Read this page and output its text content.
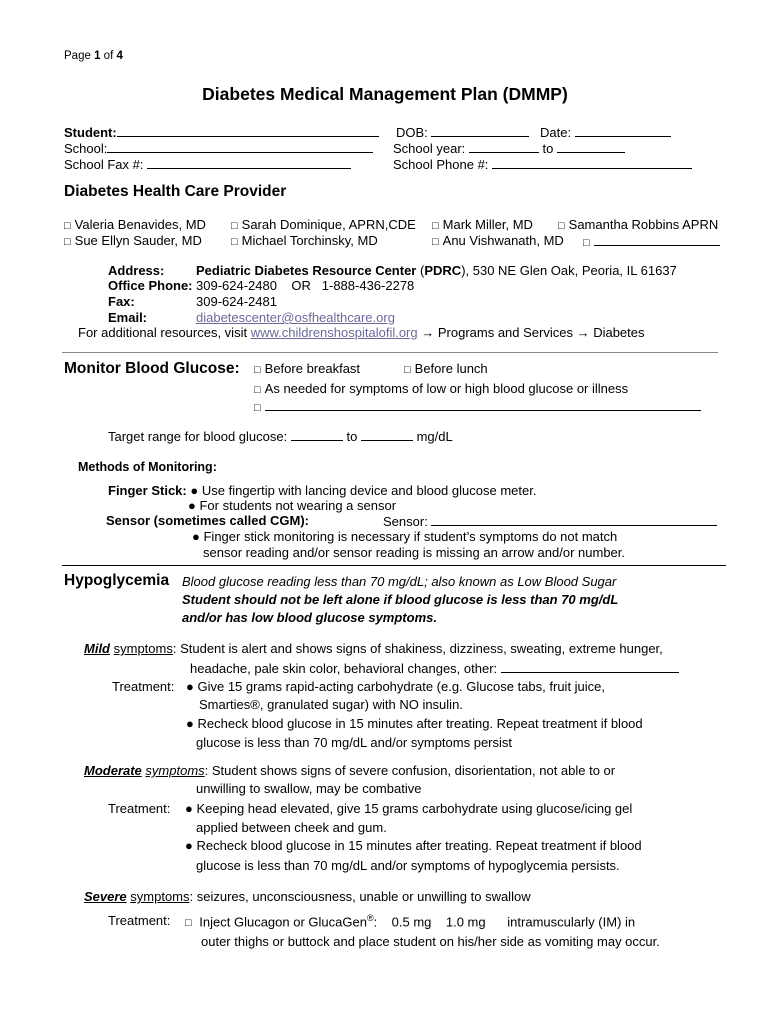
Page 1 of 4
Diabetes Medical Management Plan (DMMP)
Student:	DOB:	Date:
School:	School year:	to
School Fax #:	School Phone #:
Diabetes Health Care Provider
□ Valeria Benavides, MD □ Sarah Dominique, APRN,CDE □ Mark Miller, MD □ Samantha Robbins APRN
□ Sue Ellyn Sauder, MD	□ Michael Torchinsky, MD	□ Anu Vishwanath, MD □
Address: Pediatric Diabetes Resource Center (PDRC), 530 NE Glen Oak, Peoria, IL 61637
Office Phone: 309-624-2480 OR 1-888-436-2278
Fax:	309-624-2481
Email:	diabetescenter@osfhealthcare.org
For additional resources, visit www.childrenshospitalofil.org → Programs and Services → Diabetes
Monitor Blood Glucose: □ Before breakfast	□ Before lunch
□ As needed for symptoms of low or high blood glucose or illness
□
Target range for blood glucose:	to	mg/dL
Methods of Monitoring:
Finger Stick: ● Use fingertip with lancing device and blood glucose meter.
● For students not wearing a sensor
Sensor (sometimes called CGM):	Sensor:
● Finger stick monitoring is necessary if student’s symptoms do not match
sensor reading and/or sensor reading is missing an arrow and/or number.
Hypoglycemia Blood glucose reading less than 70 mg/dL; also known as Low Blood Sugar
Student should not be left alone if blood glucose is less than 70 mg/dL
and/or has low blood glucose symptoms.
Mild symptoms: Student is alert and shows signs of shakiness, dizziness, sweating, extreme hunger,
headache, pale skin color, behavioral changes, other:
Treatment: ● Give 15 grams rapid-acting carbohydrate (e.g. Glucose tabs, fruit juice,
Smarties®, granulated sugar) with NO insulin.
● Recheck blood glucose in 15 minutes after treating. Repeat treatment if blood
glucose is less than 70 mg/dL and/or symptoms persist
Moderate symptoms: Student shows signs of severe confusion, disorientation, not able to or
unwilling to swallow, may be combative
Treatment: ● Keeping head elevated, give 15 grams carbohydrate using glucose/icing gel
applied between cheek and gum.
● Recheck blood glucose in 15 minutes after treating. Repeat treatment if blood
glucose is less than 70 mg/dL and/or symptoms of hypoglycemia persists.
Severe symptoms: seizures, unconsciousness, unable or unwilling to swallow
Treatment: □ Inject Glucagon or GlucaGen®: 0.5 mg 1.0 mg intramuscularly (IM) in
outer thighs or buttock and place student on his/her side as vomiting may occur.
